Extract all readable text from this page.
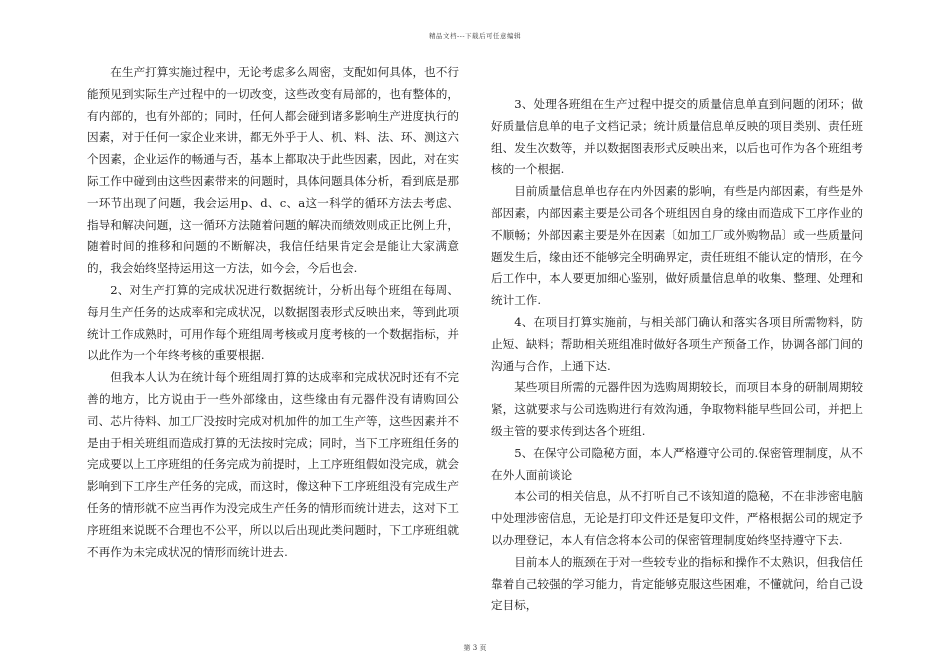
精品文档---下载后可任意编辑

在生产打算实施过程中，无论考虑多么周密，支配如何具体，也不行能预见到实际生产过程中的一切改变，这些改变有局部的，也有整体的，有内部的，也有外部的；同时，任何人都会碰到诸多影响生产进度执行的因素，对于任何一家企业来讲，都无外乎于人、机、料、法、环、测这六个因素，企业运作的畅通与否，基本上都取决于此些因素，因此，对在实际工作中碰到由这些因素带来的问题时，具体问题具体分析，看到底是那一环节出现了问题，我会运用p、d、c、a这一科学的循环方法去考虑、指导和解决问题，这一循环方法随着问题的解决而绩效则成正比例上升，随着时间的推移和问题的不断解决，我信任结果肯定会是能让大家满意的，我会始终坚持运用这一方法，如今会，今后也会.

2、对生产打算的完成状况进行数据统计，分析出每个班组在每周、每月生产任务的达成率和完成状况，以数据图表形式反映出来，等到此项统计工作成熟时，可用作每个班组周考核或月度考核的一个数据指标，并以此作为一个年终考核的重要根据.

但我本人认为在统计每个班组周打算的达成率和完成状况时还有不完善的地方，比方说由于一些外部缘由，这些缘由有元器件没有请购回公司、芯片待料、加工厂没按时完成对机加件的加工生产等，这些因素并不是由于相关班组而造成打算的无法按时完成；同时，当下工序班组任务的完成要以上工序班组的任务完成为前提时，上工序班组假如没完成，就会影响到下工序生产任务的完成，而这时，像这种下工序班组没有完成生产任务的情形就不应当再作为没完成生产任务的情形而统计进去，这对下工序班组来说既不合理也不公平，所以以后出现此类问题时，下工序班组就不再作为未完成状况的情形而统计进去.

3、处理各班组在生产过程中提交的质量信息单直到问题的闭环；做好质量信息单的电子文档记录；统计质量信息单反映的项目类别、责任班组、发生次数等，并以数据图表形式反映出来，以后也可作为各个班组考核的一个根据.

目前质量信息单也存在内外因素的影响，有些是内部因素，有些是外部因素，内部因素主要是公司各个班组因自身的缘由而造成下工序作业的不顺畅；外部因素主要是外在因素〔如加工厂或外购物品〕或一些质量问题发生后，缘由还不能够完全明确界定，责任班组不能认定的情形，在今后工作中，本人要更加细心鉴别，做好质量信息单的收集、整理、处理和统计工作.

4、在项目打算实施前，与相关部门确认和落实各项目所需物料，防止短、缺料；帮助相关班组准时做好各项生产预备工作，协调各部门间的沟通与合作，上通下达.

某些项目所需的元器件因为选购周期较长，而项目本身的研制周期较紧，这就要求与公司选购进行有效沟通，争取物料能早些回公司，并把上级主管的要求传到达各个班组.

5、在保守公司隐秘方面，本人严格遵守公司的.保密管理制度，从不在外人面前谈论

本公司的相关信息，从不打听自己不该知道的隐秘，不在非涉密电脑中处理涉密信息，无论是打印文件还是复印文件，严格根据公司的规定予以办理登记，本人有信念将本公司的保密管理制度始终坚持遵守下去.

目前本人的瓶颈在于对一些较专业的指标和操作不太熟识，但我信任靠着自己较强的学习能力，肯定能够克服这些困难，不懂就问，给自己设定目标，

第 3 页
